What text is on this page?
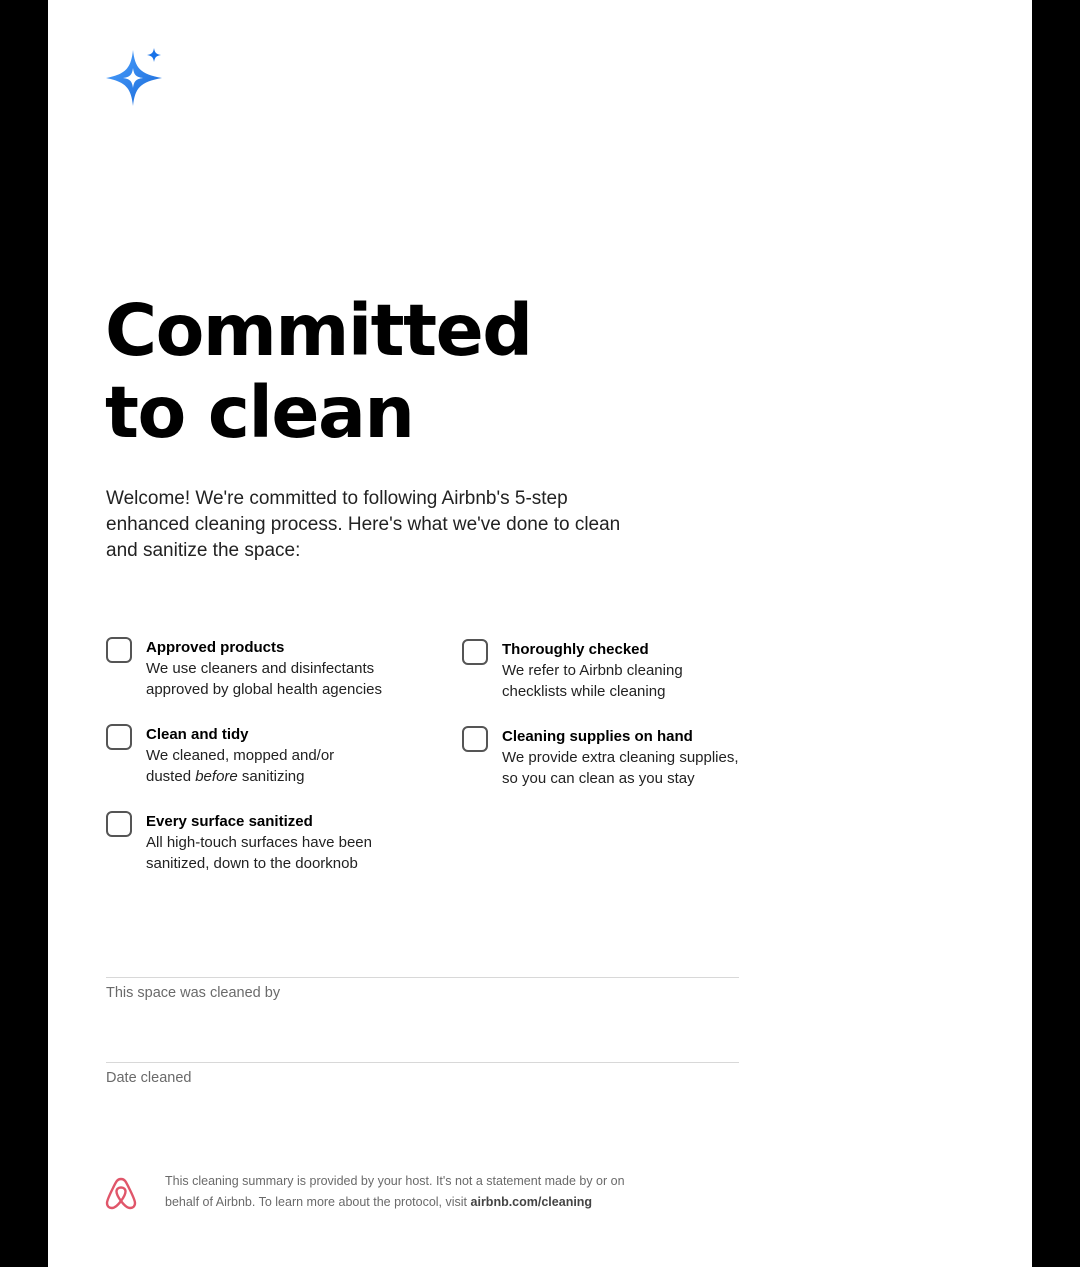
Committed
to clean

Welcome! We're committed to following Airbnb's 5-step enhanced cleaning process. Here's what we've done to clean and sanitize the space:

Approved products
We use cleaners and disinfectants
approved by global health agencies
Clean and tidy
We cleaned, mopped and/or
dusted before sanitizing
Every surface sanitized
All high-touch surfaces have been
sanitized, down to the doorknob
Thoroughly checked
We refer to Airbnb cleaning
checklists while cleaning
Cleaning supplies on hand
We provide extra cleaning supplies,
so you can clean as you stay
This space was cleaned by
Date cleaned
This cleaning summary is provided by your host. It's not a statement made by or on
behalf of Airbnb. To learn more about the protocol, visit airbnb.com/cleaning
